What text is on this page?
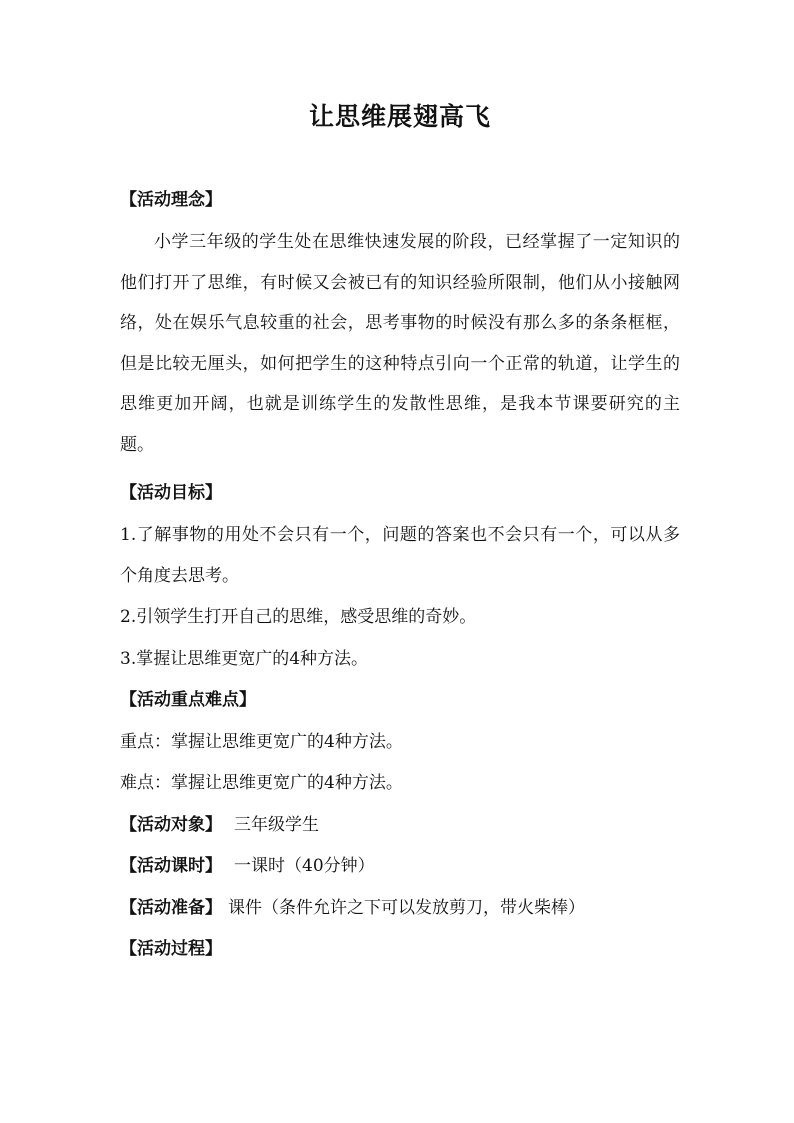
让思维展翅高飞
【活动理念】
小学三年级的学生处在思维快速发展的阶段，已经掌握了一定知识的他们打开了思维，有时候又会被已有的知识经验所限制，他们从小接触网络，处在娱乐气息较重的社会，思考事物的时候没有那么多的条条框框，但是比较无厘头，如何把学生的这种特点引向一个正常的轨道，让学生的思维更加开阔，也就是训练学生的发散性思维，是我本节课要研究的主题。
【活动目标】
1.了解事物的用处不会只有一个，问题的答案也不会只有一个，可以从多个角度去思考。
2.引领学生打开自己的思维，感受思维的奇妙。
3.掌握让思维更宽广的4种方法。
【活动重点难点】
重点：掌握让思维更宽广的4种方法。
难点：掌握让思维更宽广的4种方法。
【活动对象】 三年级学生
【活动课时】 一课时（40分钟）
【活动准备】 课件（条件允许之下可以发放剪刀，带火柴棒）
【活动过程】
